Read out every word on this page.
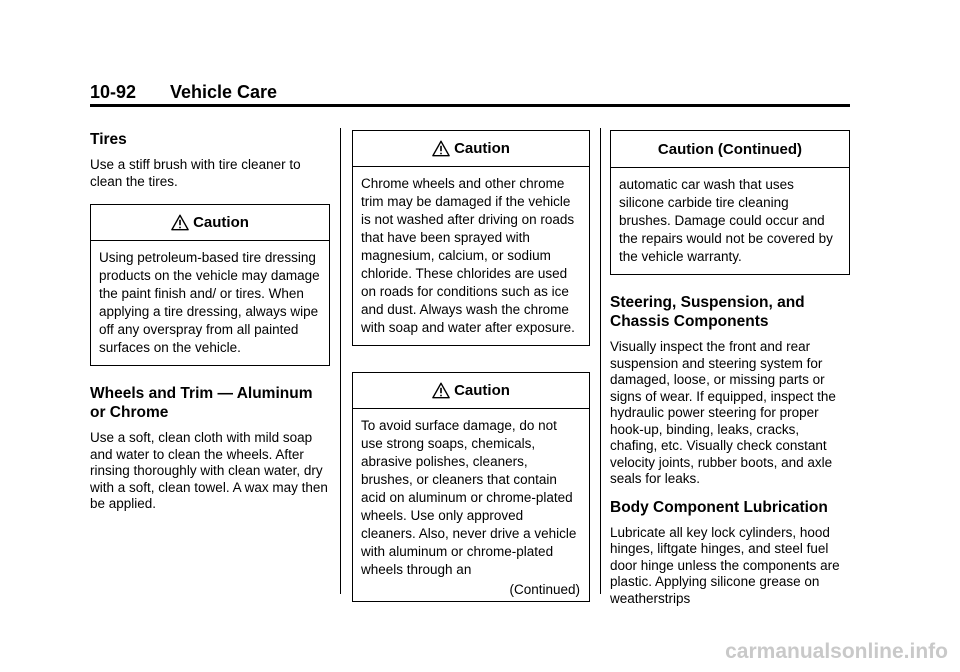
10-92 Vehicle Care
Tires

Use a stiff brush with tire cleaner to clean the tires.

Caution
Using petroleum-based tire dressing products on the vehicle may damage the paint finish and/ or tires. When applying a tire dressing, always wipe off any overspray from all painted surfaces on the vehicle.
Wheels and Trim — Aluminum or Chrome

Use a soft, clean cloth with mild soap and water to clean the wheels. After rinsing thoroughly with clean water, dry with a soft, clean towel. A wax may then be applied.

Caution
Chrome wheels and other chrome trim may be damaged if the vehicle is not washed after driving on roads that have been sprayed with magnesium, calcium, or sodium chloride. These chlorides are used on roads for conditions such as ice and dust. Always wash the chrome with soap and water after exposure.
Caution
To avoid surface damage, do not use strong soaps, chemicals, abrasive polishes, cleaners, brushes, or cleaners that contain acid on aluminum or chrome-plated wheels. Use only approved cleaners. Also, never drive a vehicle with aluminum or chrome-plated wheels through an
(Continued)
Caution (Continued)
automatic car wash that uses silicone carbide tire cleaning brushes. Damage could occur and the repairs would not be covered by the vehicle warranty.
Steering, Suspension, and Chassis Components

Visually inspect the front and rear suspension and steering system for damaged, loose, or missing parts or signs of wear. If equipped, inspect the hydraulic power steering for proper hook-up, binding, leaks, cracks, chafing, etc. Visually check constant velocity joints, rubber boots, and axle seals for leaks.

Body Component Lubrication

Lubricate all key lock cylinders, hood hinges, liftgate hinges, and steel fuel door hinge unless the components are plastic. Applying silicone grease on weatherstrips

carmanualsonline.info
